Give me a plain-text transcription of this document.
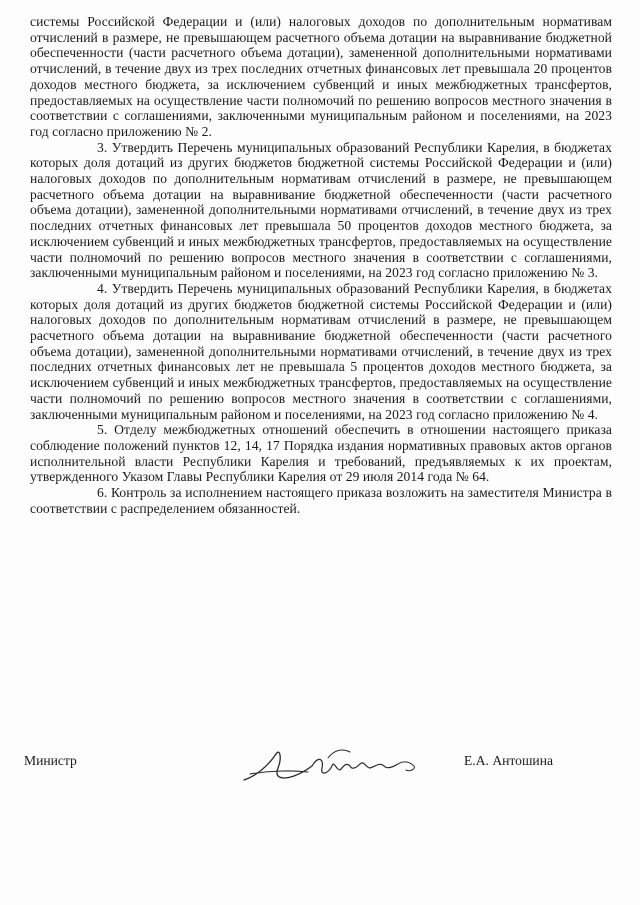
системы Российской Федерации и (или) налоговых доходов по дополнительным нормативам отчислений в размере, не превышающем расчетного объема дотации на выравнивание бюджетной обеспеченности (части расчетного объема дотации), замененной дополнительными нормативами отчислений, в течение двух из трех последних отчетных финансовых лет превышала 20 процентов доходов местного бюджета, за исключением субвенций и иных межбюджетных трансфертов, предоставляемых на осуществление части полномочий по решению вопросов местного значения в соответствии с соглашениями, заключенными муниципальным районом и поселениями, на 2023 год согласно приложению № 2.

3. Утвердить Перечень муниципальных образований Республики Карелия, в бюджетах которых доля дотаций из других бюджетов бюджетной системы Российской Федерации и (или) налоговых доходов по дополнительным нормативам отчислений в размере, не превышающем расчетного объема дотации на выравнивание бюджетной обеспеченности (части расчетного объема дотации), замененной дополнительными нормативами отчислений, в течение двух из трех последних отчетных финансовых лет превышала 50 процентов доходов местного бюджета, за исключением субвенций и иных межбюджетных трансфертов, предоставляемых на осуществление части полномочий по решению вопросов местного значения в соответствии с соглашениями, заключенными муниципальным районом и поселениями, на 2023 год согласно приложению № 3.

4. Утвердить Перечень муниципальных образований Республики Карелия, в бюджетах которых доля дотаций из других бюджетов бюджетной системы Российской Федерации и (или) налоговых доходов по дополнительным нормативам отчислений в размере, не превышающем расчетного объема дотации на выравнивание бюджетной обеспеченности (части расчетного объема дотации), замененной дополнительными нормативами отчислений, в течение двух из трех последних отчетных финансовых лет не превышала 5 процентов доходов местного бюджета, за исключением субвенций и иных межбюджетных трансфертов, предоставляемых на осуществление части полномочий по решению вопросов местного значения в соответствии с соглашениями, заключенными муниципальным районом и поселениями, на 2023 год согласно приложению № 4.

5. Отделу межбюджетных отношений обеспечить в отношении настоящего приказа соблюдение положений пунктов 12, 14, 17 Порядка издания нормативных правовых актов органов исполнительной власти Республики Карелия и требований, предъявляемых к их проектам, утвержденного Указом Главы Республики Карелия от 29 июля 2014 года № 64.

6. Контроль за исполнением настоящего приказа возложить на заместителя Министра в соответствии с распределением обязанностей.

Министр	Е.А. Антошина
